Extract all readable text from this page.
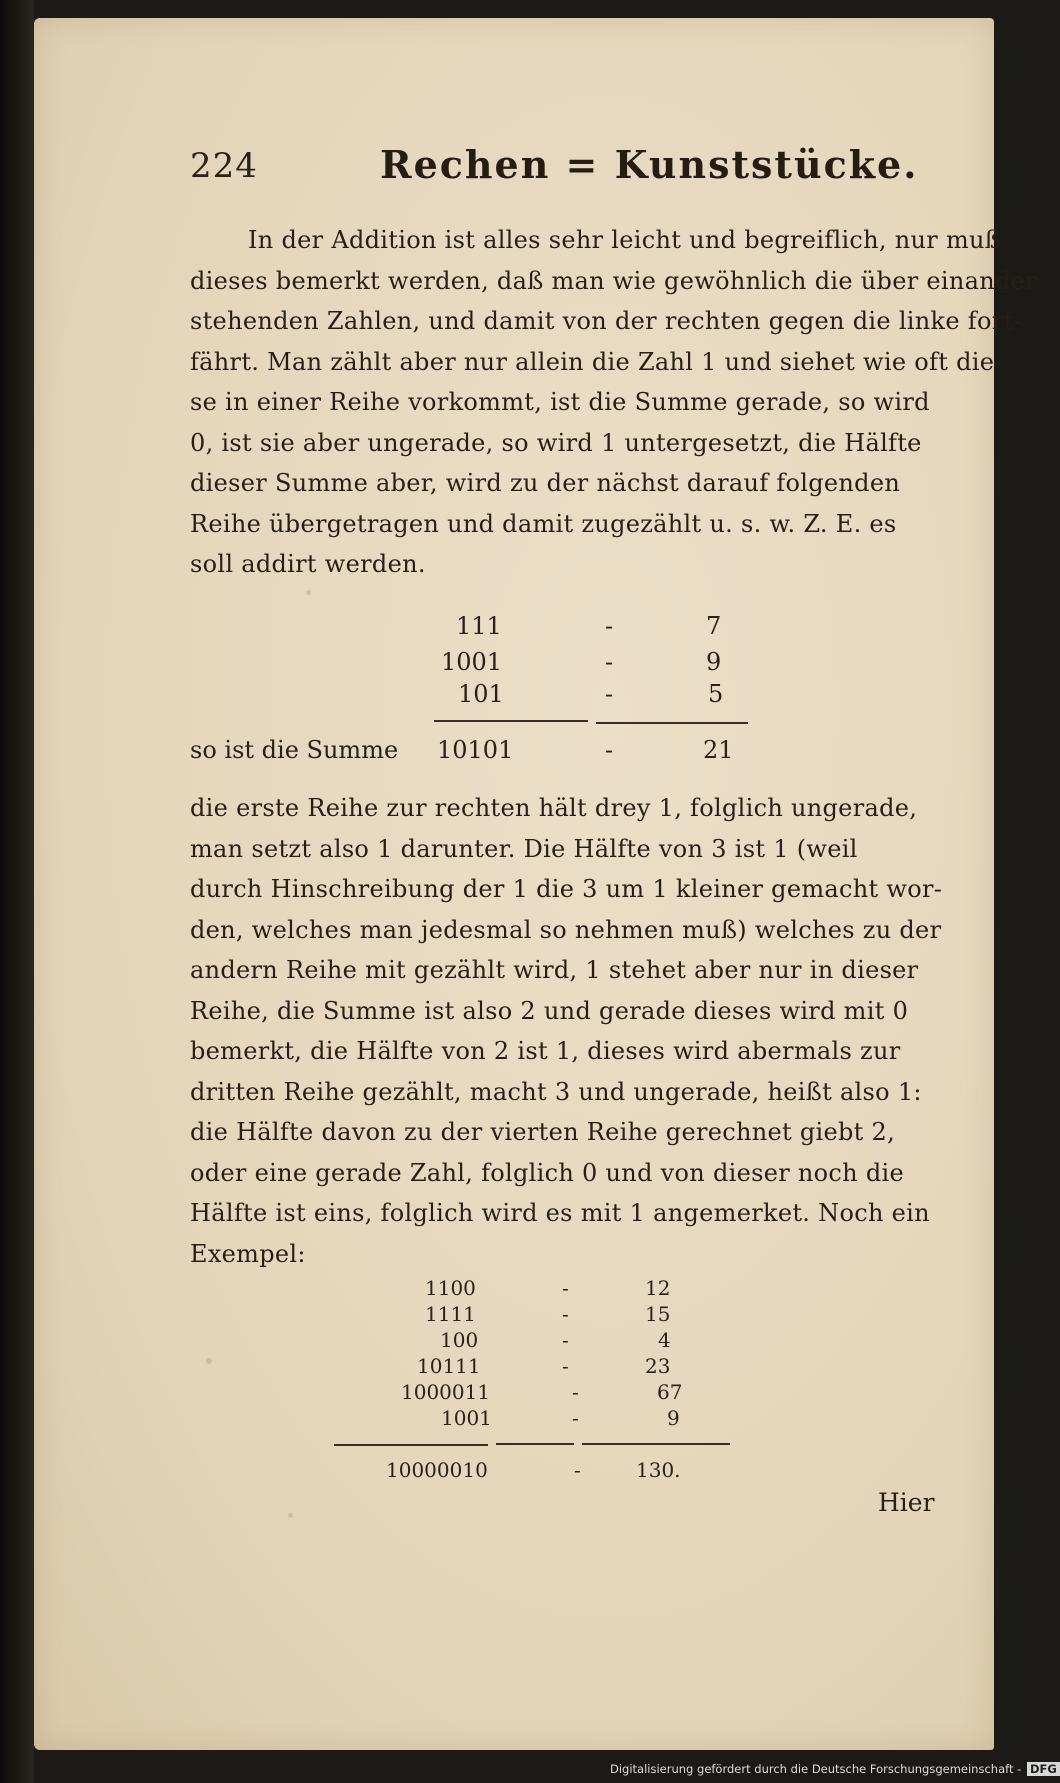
224	Rechen = Kunststücke.
In der Addition ist alles sehr leicht und begreiflich, nur muß
dieses bemerkt werden, daß man wie gewöhnlich die über einander
stehenden Zahlen, und damit von der rechten gegen die linke fort-
fährt. Man zählt aber nur allein die Zahl 1 und siehet wie oft die-
se in einer Reihe vorkommt, ist die Summe gerade, so wird
0, ist sie aber ungerade, so wird 1 untergesetzt, die Hälfte
dieser Summe aber, wird zu der nächst darauf folgenden
Reihe übergetragen und damit zugezählt u. s. w. Z. E. es
soll addirt werden.
111	-	7
1001	-	9
101	-	5
so ist die Summe 10101	-	21
die erste Reihe zur rechten hält drey 1, folglich ungerade,
man setzt also 1 darunter. Die Hälfte von 3 ist 1 (weil
durch Hinschreibung der 1 die 3 um 1 kleiner gemacht wor-
den, welches man jedesmal so nehmen muß) welches zu der
andern Reihe mit gezählt wird, 1 stehet aber nur in dieser
Reihe, die Summe ist also 2 und gerade dieses wird mit 0
bemerkt, die Hälfte von 2 ist 1, dieses wird abermals zur
dritten Reihe gezählt, macht 3 und ungerade, heißt also 1:
die Hälfte davon zu der vierten Reihe gerechnet giebt 2,
oder eine gerade Zahl, folglich 0 und von dieser noch die
Hälfte ist eins, folglich wird es mit 1 angemerket. Noch ein
Exempel:
1100	-	12
1111	-	15
100	-	4
10111	-	23
1000011	-	67
1001	-	9
10000010	-	130.
Hier
Digitalisierung gefördert durch die Deutsche Forschungsgemeinschaft - DFG
